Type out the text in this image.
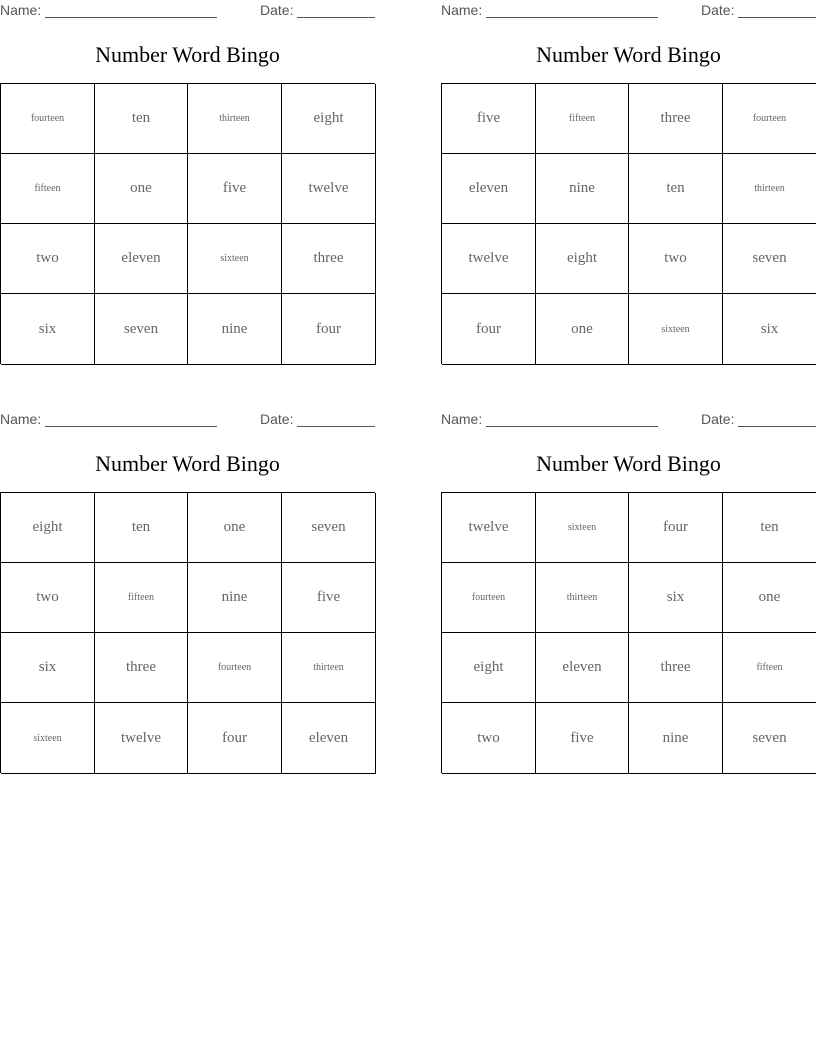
Name:	Date:
Number Word Bingo
fourteen	ten	thirteen	eight
fifteen	one	five	twelve
two	eleven	sixteen	three
six	seven	nine	four
Name:	Date:
Number Word Bingo
five	fifteen	three	fourteen
eleven	nine	ten	thirteen
twelve	eight	two	seven
four	one	sixteen	six
Name:	Date:
Number Word Bingo
eight	ten	one	seven
two	fifteen	nine	five
six	three	fourteen	thirteen
sixteen	twelve	four	eleven
Name:	Date:
Number Word Bingo
twelve	sixteen	four	ten
fourteen	thirteen	six	one
eight	eleven	three	fifteen
two	five	nine	seven
